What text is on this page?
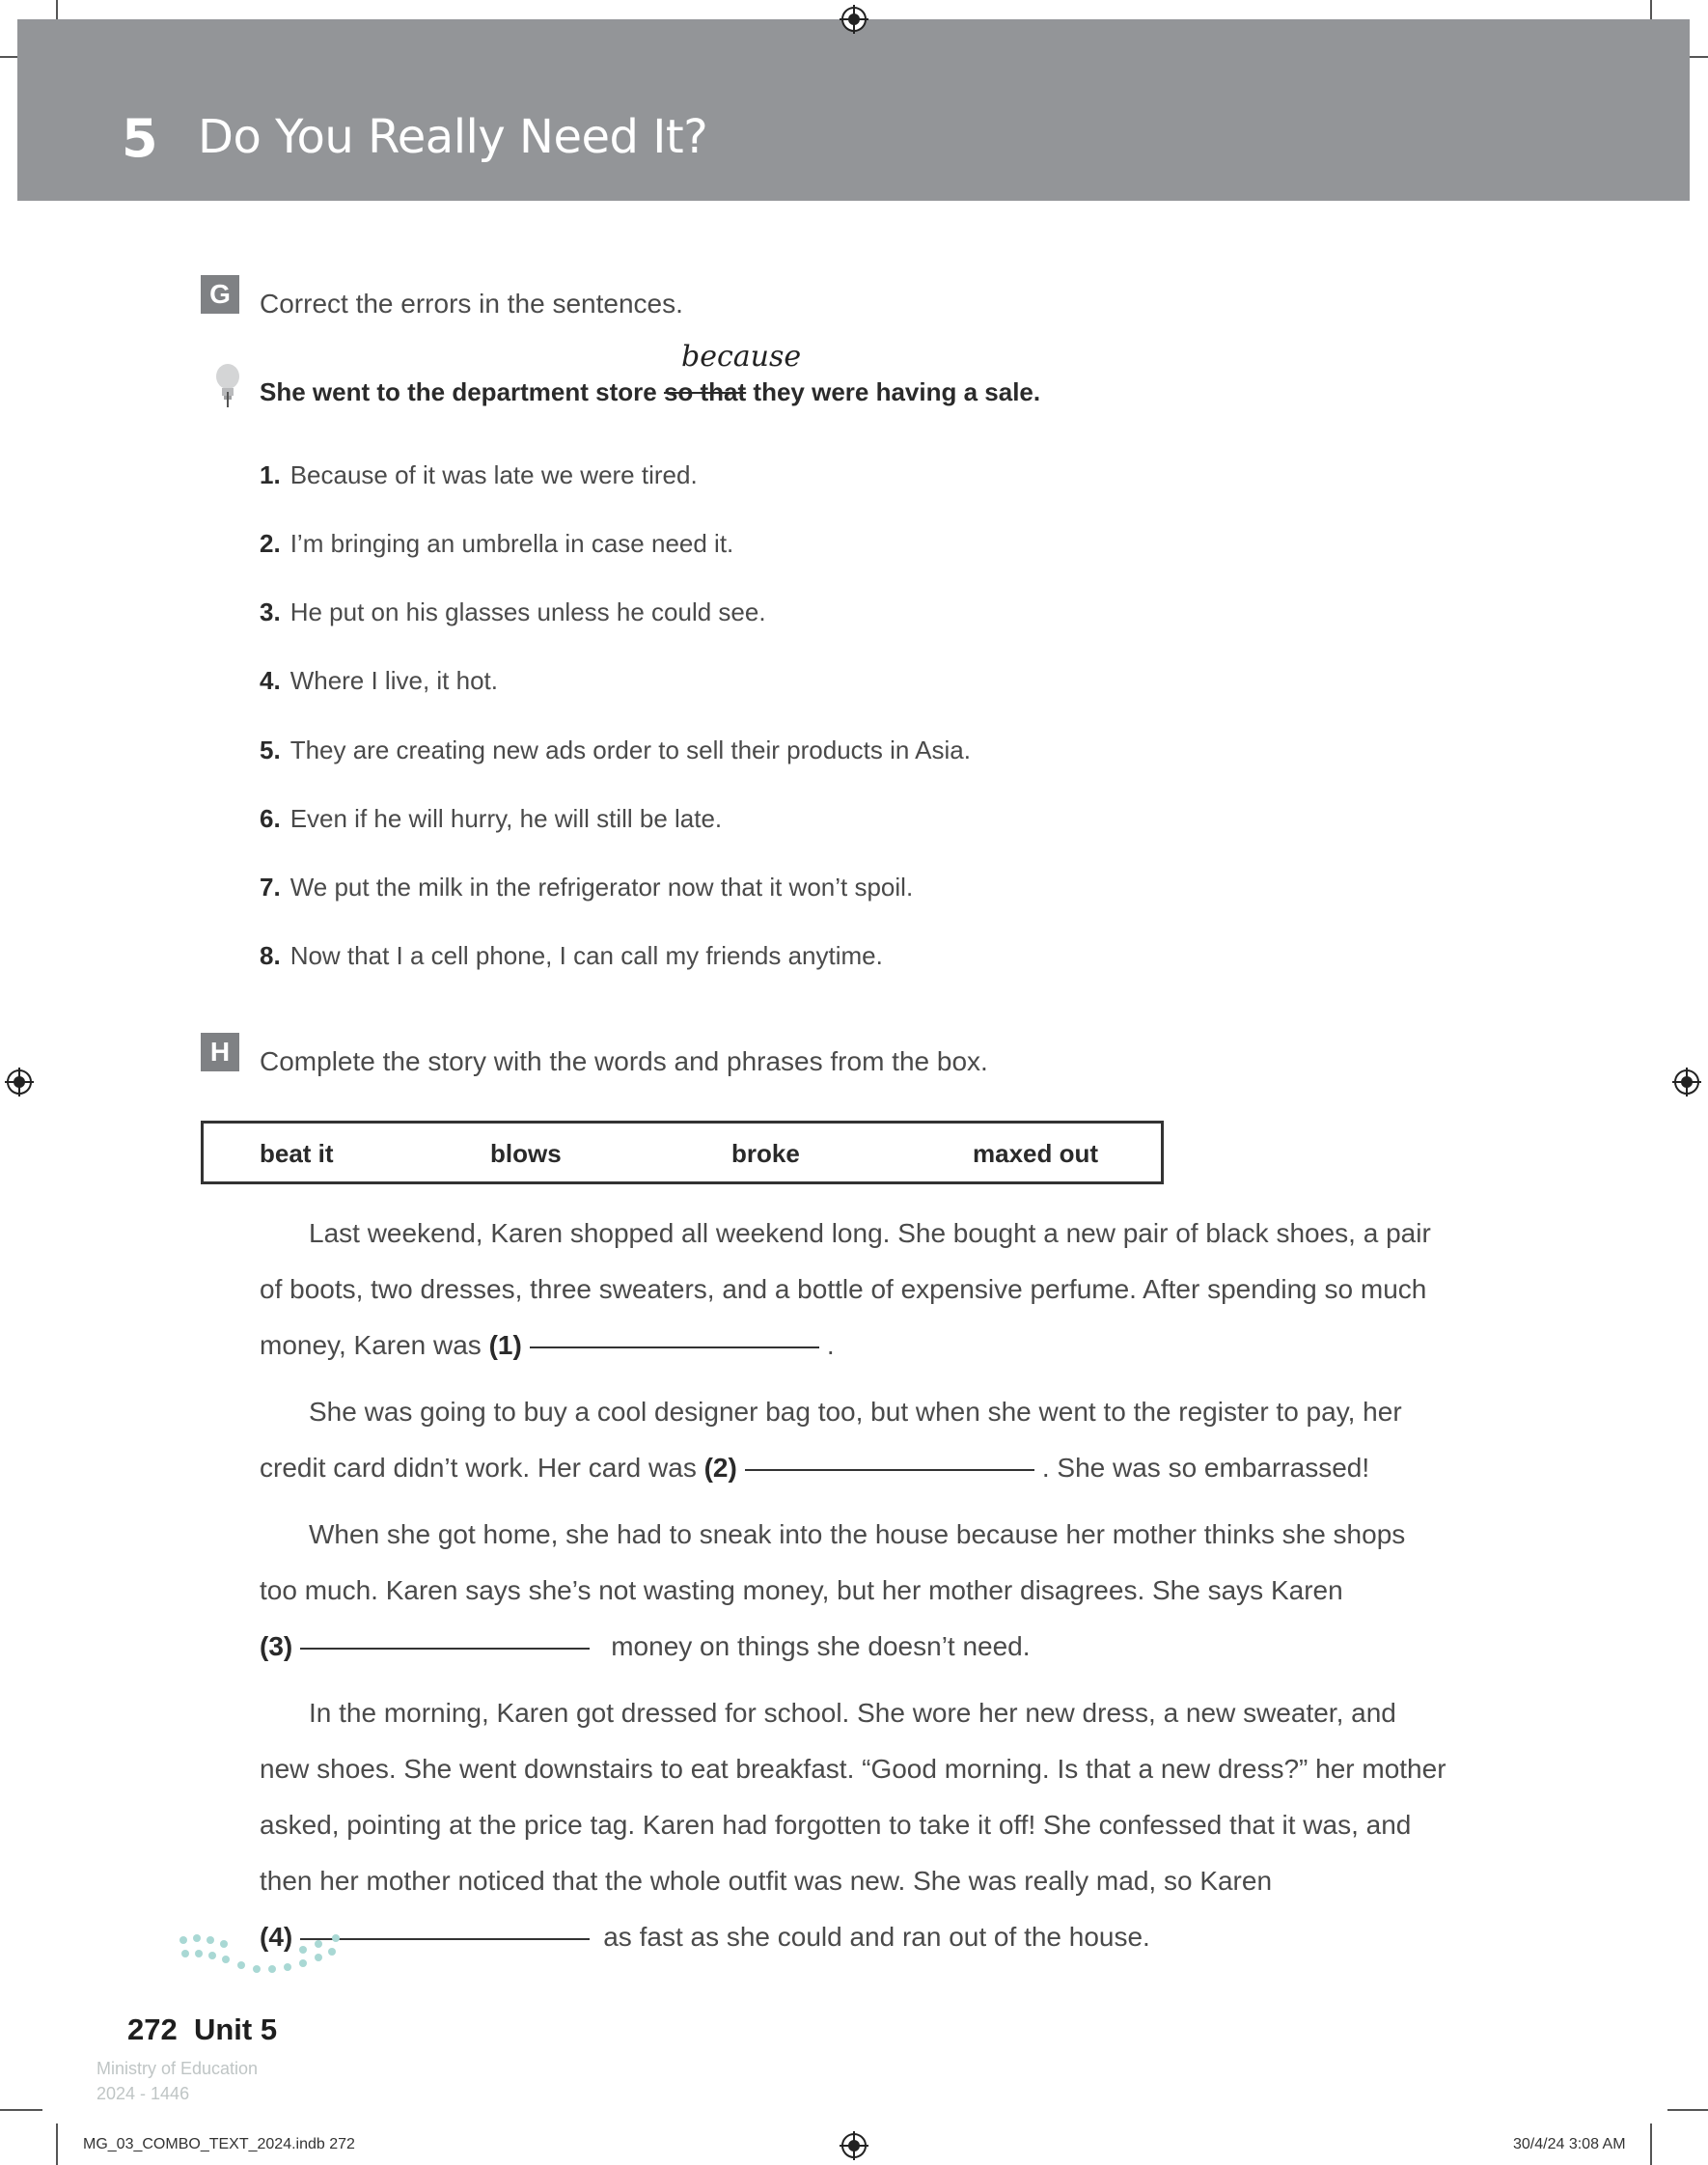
5 Do You Really Need It?
G	Correct the errors in the sentences.
because
She went to the department store so that they were having a sale.
1. Because of it was late we were tired.
2. I’m bringing an umbrella in case need it.
3. He put on his glasses unless he could see.
4. Where I live, it hot.
5. They are creating new ads order to sell their products in Asia.
6. Even if he will hurry, he will still be late.
7. We put the milk in the refrigerator now that it won’t spoil.
8. Now that I a cell phone, I can call my friends anytime.
H	Complete the story with the words and phrases from the box.
beat it	blows	broke	maxed out
Last weekend, Karen shopped all weekend long. She bought a new pair of black shoes, a pair
of boots, two dresses, three sweaters, and a bottle of expensive perfume. After spending so much
money, Karen was (1)	.
She was going to buy a cool designer bag too, but when she went to the register to pay, her
credit card didn’t work. Her card was (2)	. She was so embarrassed!
When she got home, she had to sneak into the house because her mother thinks she shops
too much. Karen says she’s not wasting money, but her mother disagrees. She says Karen
(3)	money on things she doesn’t need.
In the morning, Karen got dressed for school. She wore her new dress, a new sweater, and
new shoes. She went downstairs to eat breakfast. “Good morning. Is that a new dress?” her mother
asked, pointing at the price tag. Karen had forgotten to take it off! She confessed that it was, and
then her mother noticed that the whole outfit was new. She was really mad, so Karen
(4)	as fast as she could and ran out of the house.
Ministry of Education
2024 - 1446
272 Unit 5
MG_03_COMBO_TEXT_2024.indb 272	30/4/24 3:08 AM
